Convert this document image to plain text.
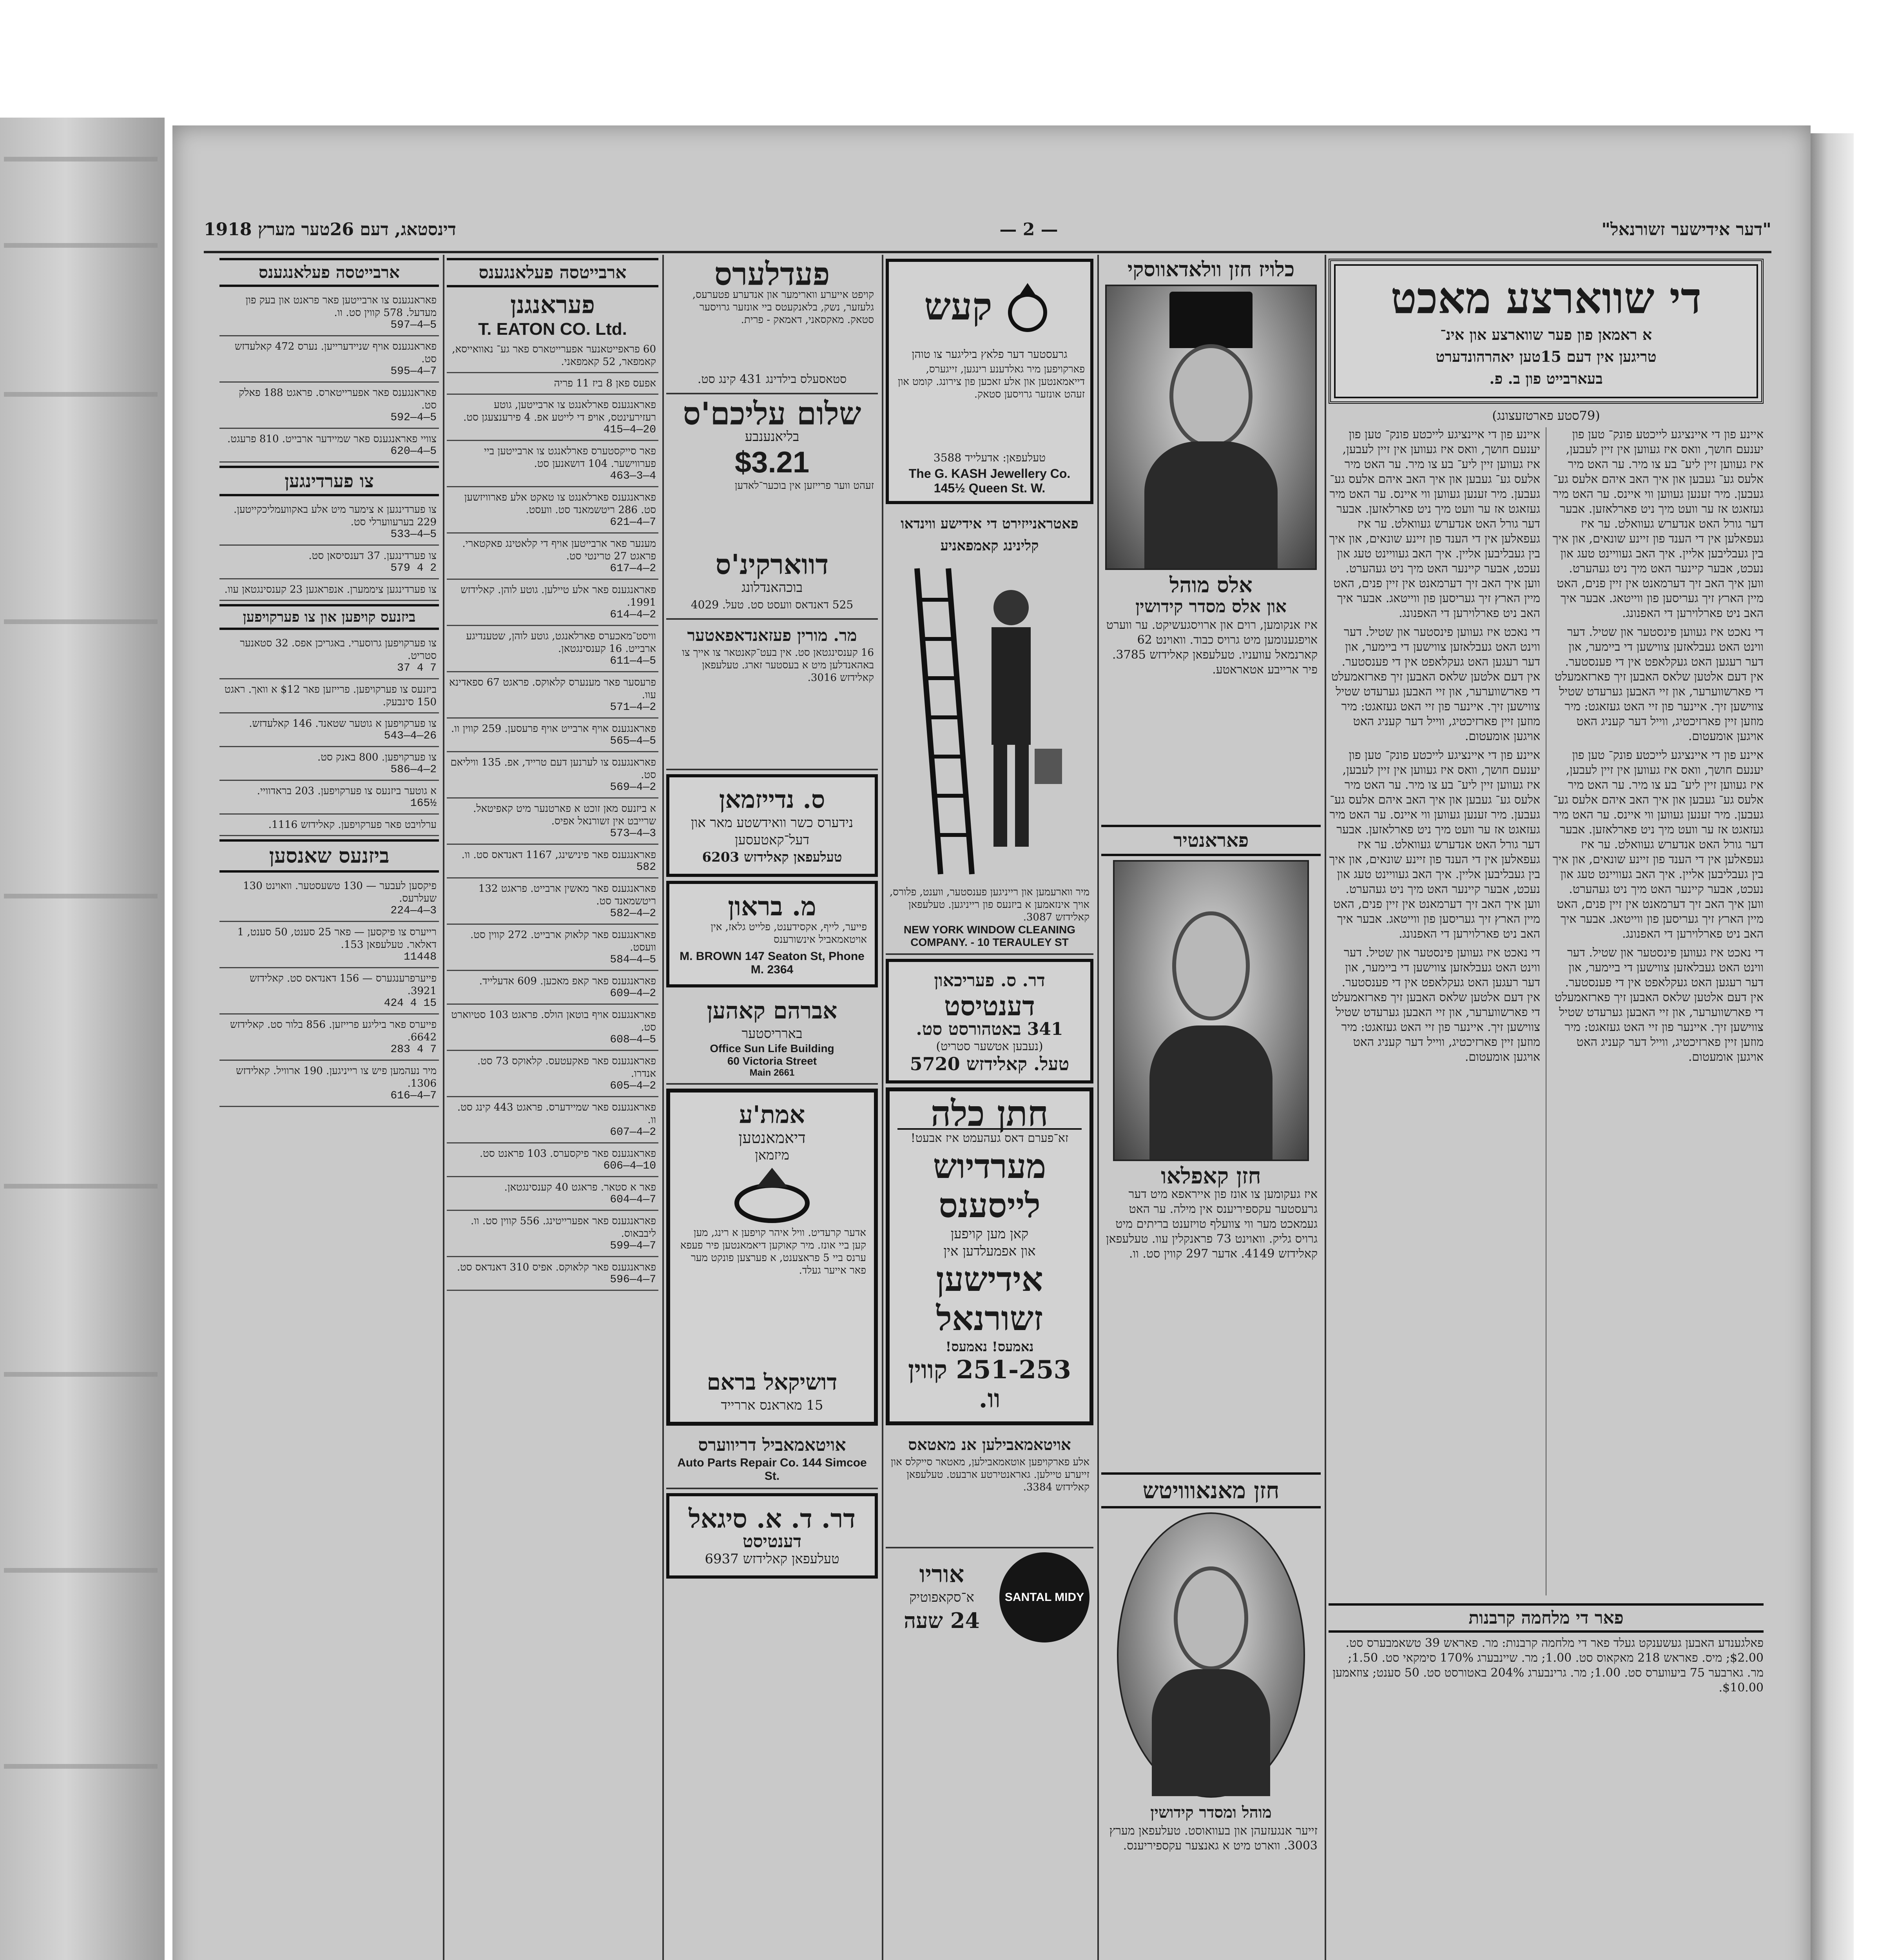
"דער אידישער זשורנאל"
— 2 —
דינסטאג, דעם 26טער מערץ 1918
די שווארצע מאכט
א ראמאן פון פער שווארצע און אינ־
טריגען אין דעם 15טען יאהרהונדערט
בעארבייט פון ב. פ.
(79סטע פארטזעצונג)

איינע פון די איינציגע לייכטע פונק־ טען פון יענעם חושך, וואס איז געווען אין זיין לעבען, איז געווען זיין ליע־ בע צו מיר. ער האט מיר אלעס גע־ געבען און איך האב איהם אלעס גע־ געבען. מיר זענען געווען ווי איינס. ער האט מיר געזאגט אז ער וועט מיך ניט פארלאזען. אבער דער גורל האט אנדערש געוואלט. ער איז געפאלען אין די הענד פון זיינע שונאים, און איך בין געבליבען אליין. איך האב געוויינט טעג און נעכט, אבער קיינער האט מיך ניט געהערט. ווען איך האב זיך דערמאנט אין זיין פנים, האט מיין הארץ זיך געריסען פון ווייטאג. אבער איך האב ניט פארלוירען די האפנונג.

די נאכט איז געווען פינסטער און שטיל. דער ווינט האט געבלאזען צווישען די ביימער, און דער רעגען האט געקלאפט אין די פענסטער. אין דעם אלטען שלאס האבען זיך פארזאמעלט די פארשווערער, און זיי האבען גערעדט שטיל צווישען זיך. איינער פון זיי האט געזאגט: מיר מוזען זיין פארזיכטיג, ווייל דער קעניג האט אויגען אומעטום.

איינע פון די איינציגע לייכטע פונק־ טען פון יענעם חושך, וואס איז געווען אין זיין לעבען, איז געווען זיין ליע־ בע צו מיר. ער האט מיר אלעס גע־ געבען און איך האב איהם אלעס גע־ געבען. מיר זענען געווען ווי איינס. ער האט מיר געזאגט אז ער וועט מיך ניט פארלאזען. אבער דער גורל האט אנדערש געוואלט. ער איז געפאלען אין די הענד פון זיינע שונאים, און איך בין געבליבען אליין. איך האב געוויינט טעג און נעכט, אבער קיינער האט מיך ניט געהערט. ווען איך האב זיך דערמאנט אין זיין פנים, האט מיין הארץ זיך געריסען פון ווייטאג. אבער איך האב ניט פארלוירען די האפנונג.

די נאכט איז געווען פינסטער און שטיל. דער ווינט האט געבלאזען צווישען די ביימער, און דער רעגען האט געקלאפט אין די פענסטער. אין דעם אלטען שלאס האבען זיך פארזאמעלט די פארשווערער, און זיי האבען גערעדט שטיל צווישען זיך. איינער פון זיי האט געזאגט: מיר מוזען זיין פארזיכטיג, ווייל דער קעניג האט אויגען אומעטום.

איינע פון די איינציגע לייכטע פונק־ טען פון יענעם חושך, וואס איז געווען אין זיין לעבען, איז געווען זיין ליע־ בע צו מיר. ער האט מיר אלעס גע־ געבען און איך האב איהם אלעס גע־ געבען. מיר זענען געווען ווי איינס. ער האט מיר געזאגט אז ער וועט מיך ניט פארלאזען. אבער דער גורל האט אנדערש געוואלט. ער איז געפאלען אין די הענד פון זיינע שונאים, און איך בין געבליבען אליין. איך האב געוויינט טעג און נעכט, אבער קיינער האט מיך ניט געהערט. ווען איך האב זיך דערמאנט אין זיין פנים, האט מיין הארץ זיך געריסען פון ווייטאג. אבער איך האב ניט פארלוירען די האפנונג.

די נאכט איז געווען פינסטער און שטיל. דער ווינט האט געבלאזען צווישען די ביימער, און דער רעגען האט געקלאפט אין די פענסטער. אין דעם אלטען שלאס האבען זיך פארזאמעלט די פארשווערער, און זיי האבען גערעדט שטיל צווישען זיך. איינער פון זיי האט געזאגט: מיר מוזען זיין פארזיכטיג, ווייל דער קעניג האט אויגען אומעטום.

איינע פון די איינציגע לייכטע פונק־ טען פון יענעם חושך, וואס איז געווען אין זיין לעבען, איז געווען זיין ליע־ בע צו מיר. ער האט מיר אלעס גע־ געבען און איך האב איהם אלעס גע־ געבען. מיר זענען געווען ווי איינס. ער האט מיר געזאגט אז ער וועט מיך ניט פארלאזען. אבער דער גורל האט אנדערש געוואלט. ער איז געפאלען אין די הענד פון זיינע שונאים, און איך בין געבליבען אליין. איך האב געוויינט טעג און נעכט, אבער קיינער האט מיך ניט געהערט. ווען איך האב זיך דערמאנט אין זיין פנים, האט מיין הארץ זיך געריסען פון ווייטאג. אבער איך האב ניט פארלוירען די האפנונג.

די נאכט איז געווען פינסטער און שטיל. דער ווינט האט געבלאזען צווישען די ביימער, און דער רעגען האט געקלאפט אין די פענסטער. אין דעם אלטען שלאס האבען זיך פארזאמעלט די פארשווערער, און זיי האבען גערעדט שטיל צווישען זיך. איינער פון זיי האט געזאגט: מיר מוזען זיין פארזיכטיג, ווייל דער קעניג האט אויגען אומעטום.

פאר די מלחמה קרבנות
פאלגענדע האבען געשענקט געלד פאר די מלחמה קרבנות: מר. פאראש 39 טשאמבערס סט. $2.00; מיס. פאראש 218 מאקאוס סט. 1.00; מר. שיינבערג 170% סימקאי סט. 1.50; מר. גארבער 75 ביעווערס סט. 1.00; מר. גרינבערג 204% באטורסט סט. 50 סענט; צוזאמען $10.00.
כלויז חזן וולאדאווסקי
אלס מוהל
און אלס מסדר קידושין
איז אנקומען, רוים און ארויסגעשיקט. ער ווערט אויפגענומען מיט גרויס כבוד. וואוינט 62 קארנמאל עוועניו. טעלעפאן קאלידזש 3785. פיר ארייבע אטאראטע.
פאראנטיר
חזן קאפלאו
איז געקומען צו אונז פון אייראפא מיט דער גרעסטער עקספיריענס אין מילה. ער האט געמאכט מער ווי צוועלף טויזענט בריתים מיט גרויס גליק. וואוינט 73 פראנקלין עוו. טעלעפאן קאלידזש 4149. אדער 297 קווין סט. וו.
חזן מאנאווויטש
מוהל ומסדר קידושין
זייער אנגעזעהן און בעוואוסט. טעלעפאן מערץ 3003. ווארט מיט א גאנצער עקספיריענס.
קעש
גרעסטער דער פלאץ ביליגער צו טוהן
פארקויפען מיר גאלדענע רינגען, זייגערס, דייאמאנטען און אלע זאכען פון צירונג. קומט און זעהט אונזער גרויסען סטאק.
טעלעפאן: אדעלייד 3588
The G. KASH Jewellery Co. 145½ Queen St. W.
פאטראנייזירט די אידישע ווינדאו קלינינג קאמפאניע
מיר ווארעמען און רייניגען פענסטער, ווענט, פלורס, אויך אינזאמען א ביזנעס פון רייניגען. טעלעפאן קאלידזש 3087.
NEW YORK WINDOW CLEANING COMPANY. - 10 TERAULEY ST
דר. ס. פעריכאון
דענטיסט
341 באטהורסט סט.
(נעבען אטשער סטריט)
טעל. קאלידזש 5720
חתן כלה
זא־פערם דאס געהעמט איז אבעט!
מערדיוש
לייסענס
קאן מען קויפען
און אפמעלדען אין
אידישען
זשורנאל
נאמעס! נאמעס!
251-253 קווין וו.
אויטאמאבילען אנ מאטאס
אלע פארקויפען אוטאמאבילען, מאטאר סייקלס און זייערע טיילען. גאראנטירטע ארבעט. טעלעפאן קאלידזש 3384.
SANTAL MIDY
אוריו
א־סקאפוטיק
24 שעה
פעדלערס
קויפט אייערע ווארימער און אנדערע פטערעס, גלעזער, נשק, בלאנקעטס ביי אונזער גרויסער סטאק. מאקסאני, דאמאק - פרית.
סטאסעלס בילדינג 431 קינג סט.
שלום עליכם'ס
בליאנענבע
$3.21
זעהט ווער פרייזען אין בוכער־לאדען
דווארקינ'ס
בוכהאנדלונג
525 דאנדאס וועסט סט. טעל. 4029
מר. מורין פעזאנדאפאטער
16 קענסינגטאן סט. אין בעט־קאנטאר צו אייך צו באהאנדלען מיט א בעסטער זארג. טעלעפאן קאלידזש 3016.
ס. נדייזמאן
נידערס כשר וואידשטע מאר און דעל־קאטעסען
טעלעפאן קאלידזש 6203
מ. בראון
פייער, לייף, אקסידענט, פלייט גלאז, אין אויטאמאביל אינשורענס
M. BROWN 147 Seaton St, Phone M. 2364
אברהם קאהען
בארריסטער
Office Sun Life Building
60 Victoria Street
Main 2661
אמת'ע
דיאמאנטען
מיזמאן
אדער קרעדיט. וויל איהר קויפען א רינג, מען קען ביי אונז. מיר קאוקען דיאמאנטען פיר פעפא ערנס ביי 5 פראצענט, א פערצען פונקט מער פאר אייער געלד.
דושיקאל בראם
15 מאראנס אררייד
אויטאמאביל דריווערס
Auto Parts Repair Co. 144 Simcoe St.
דר. ד. א. סיגאל
דענטיסט
טעלעפאן קאלידזש 6937
ארבייטסה פעלאנגענס
פעראנגנן
T. EATON CO. Ltd.
60 פראפייטאנער אפערייטארס פאר גע־ נאוואייסא, קאמפאר, 52 קאמפאני.
אפעס פאן 8 ביז 11 פריה
פאראנגענס פארלאנגט צו ארבייטען, גוטע רעזירעינטס, אויפ די לייטע אפ. 4 פירענצעגן סט.
415—4—20
פאר סייקסטערס פארלאנגט צו ארבייטען ביי פערווישער. 104 דושאנען סט.
463—3—4
פאראנגענס פארלאנגט צו טאקט אלע פארוויזשען סט. 286 ריטשמאנד סט. וועסט.
621—4—7
מענער פאר ארבייטען אויף די קלאטינג פאקטארי. פראגט 27 טרינטי סט.
617—4—2
פאראנגענס פאר אלע טיילען. גוטע לוהן. קאלידזש 1991.
614—4—2
וויסט־מאכערס פארלאנגט, גוטע לוהן, שטענדיגע ארבייט. 16 קענסינגטאן.
611—4—5
פרעסער פאר מענערס קלאוקס. פראגט 67 ספאדינא עוו.
571—4—2
פאראנגענס אויף ארבייט אויף פרעסען. 259 קווין וו.
565—4—5
פאראנגענס צו לערנען דעם טרייד, אפ. 135 וויליאם סט.
569—4—2
א ביזנעס מאן זוכט א פארטנער מיט קאפיטאל. שרייבט אין זשורנאל אפיס.
573—4—3
פאראנגענס פאר פינישינג, 1167 דאנדאס סט. וו.
582
פאראנגענס פאר מאשין ארבייט. פראגט 132 ריטשמאנד סט.
582—4—2
פאראנגענס פאר קלאוק ארבייט. 272 קווין סט. וועסט.
584—4—5
פאראנגענס פאר קאפ מאכען. 609 אדעלייד.
609—4—2
פאראנגענס אויף בוטאן הולס. פראגט 103 סטיוארט סט.
608—4—5
פאראנגענס פאר פאקעטעס. קלאוקס 73 סט. אנדרו.
605—4—2
פאראנגענס פאר שמיידערס. פראגט 443 קינג סט. וו.
607—4—2
פאראנגענס פאר פיקסערס. 103 פראנט סט.
606—4—10
פאר א סטאר. פראגט 40 קענסינגטאן.
604—4—7
פאראנגענס פאר אפערייטינג. 556 קווין סט. וו. ליבבאוס.
599—4—7
פאראנגענס פאר קלאוקס. אפיס 310 דאנדאס סט.
596—4—7
ארבייטסה פעלאנגענס
פאראנגענס צו ארבייטען פאר פראנט און בעק פון מעדעל. 578 קווין סט. וו.
597—4—5
פאראנגענס אויף שניידערייען. נערס 472 קאלעדזש סט.
595—4—7
פאראנגענס פאר אפערייטארס. פראגט 188 פאלק סט.
592—4—5
צוויי פאראנגענס פאר שמיידער ארבייט. 810 פרעגט.
620—4—5
צו פערדינגען
צו פערדינגען א צימער מיט אלע באקוועמליכקייטען. 229 בערעווערלי סט.
533—4—5
צו פערדינגען. 37 דענסיסאן סט.
579 4 2
צו פערדינגען ציממערן. אנפראגען 23 קענסינגטאן עוו.
ביזנעס קויפען און צו פערקויפען
צו פערקויפען גרוסערי. באגריכן אפס. 32 סטאנער סטריט.
37 4 7
ביזנעס צו פערקויפען. פרייזען פאר $12 א וואך. ראגט 150 סינבעק.
צו פערקויפען א גוטער שטאנד. 146 קאלעדזש.
543—4—26
צו פערקויפען. 800 באנק סט.
586—4—2
א גוטער ביזנעס צו פערקויפען. 203 בראדוויי.
165½
ערלויבט פאר פערקויפען. קאלידזש 1116.
ביזנעס שאנסען
פיקסען לעבער — 130 טשעסטער. וואוינט 130 שעלרעס.
224—4—3
רייערס צו פיקסען — פאר 25 סענט, 50 סענט, 1 דאלאר. טעלעפאן 153.
11448
פייערפרענגערס — 156 דאנדאס סט. קאלידזש 3921.
424 4 15
פייערס פאר ביליגע פרייזען. 856 בלור סט. קאלידזש 6642.
283 4 7
מיר נעהמען פיש צו רייניגען. 190 ארוויל. קאלידזש 1306.
616—4—7
